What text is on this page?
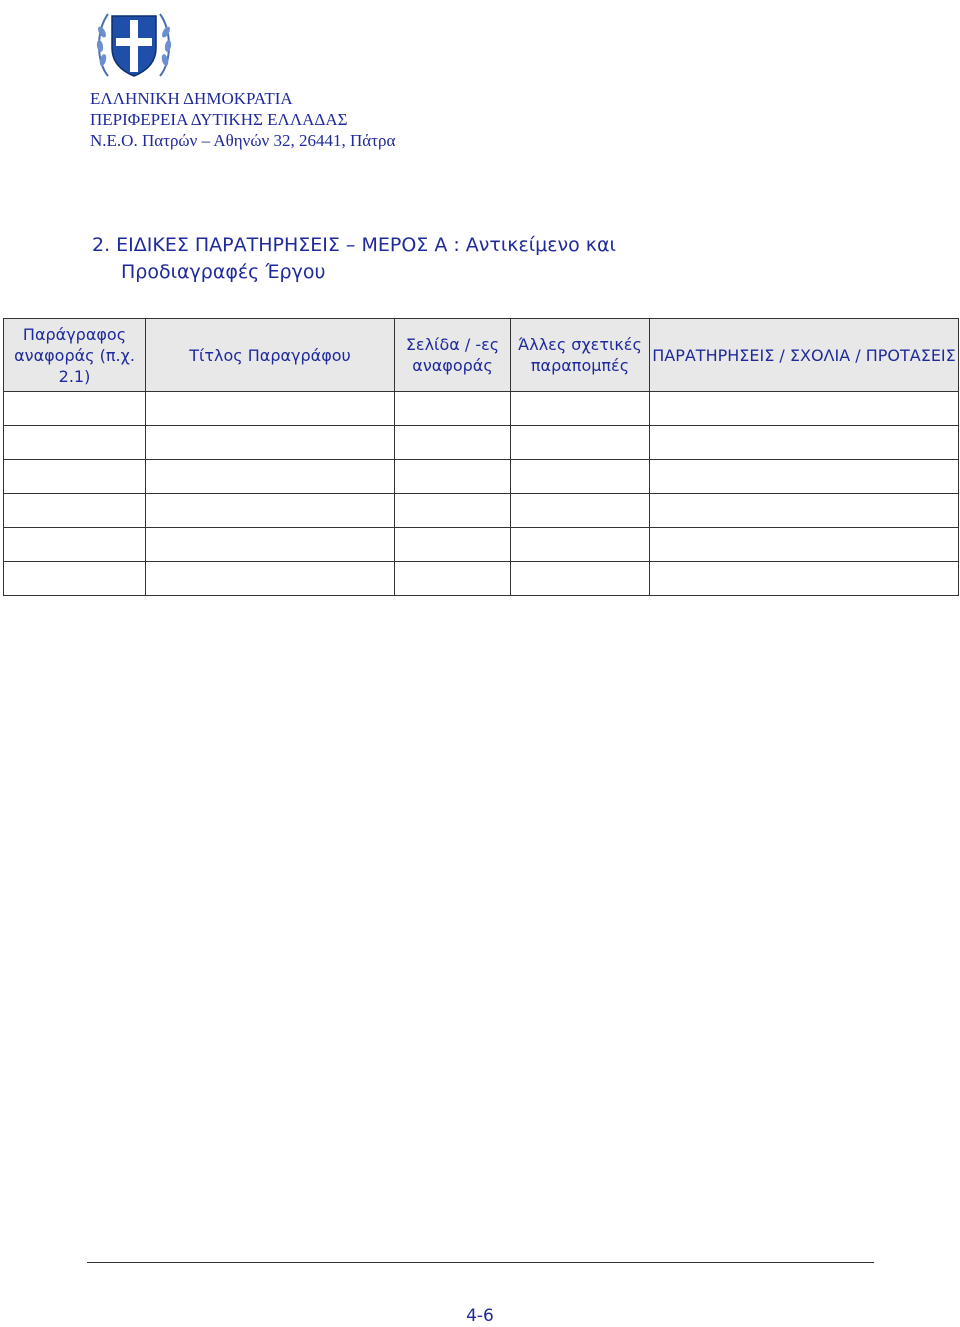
ΕΛΛΗΝΙΚΗ ΔΗΜΟΚΡΑΤΙΑ
ΠΕΡΙΦΕΡΕΙΑ ΔΥΤΙΚΗΣ ΕΛΛΑΔΑΣ
Ν.Ε.Ο. Πατρών – Αθηνών 32, 26441, Πάτρα
2. ΕΙΔΙΚΕΣ ΠΑΡΑΤΗΡΗΣΕΙΣ – ΜΕΡΟΣ Α : Αντικείμενο και
Προδιαγραφές Έργου
Παράγραφος αναφοράς (π.χ. 2.1)	Τίτλος Παραγράφου	Σελίδα / -ες αναφοράς	Άλλες σχετικές παραπομπές	ΠΑΡΑΤΗΡΗΣΕΙΣ / ΣΧΟΛΙΑ / ΠΡΟΤΑΣΕΙΣ

4-6
